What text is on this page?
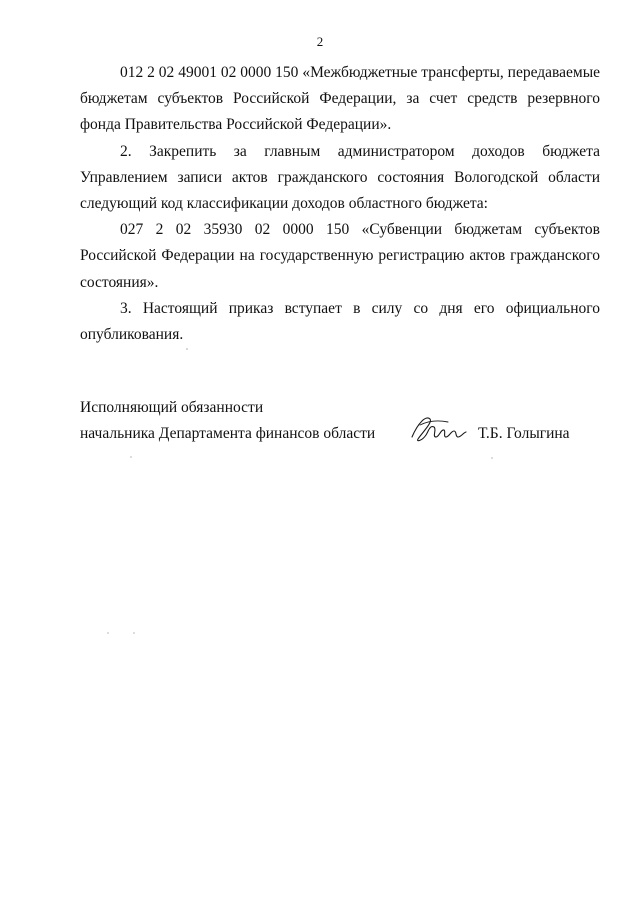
2

012 2 02 49001 02 0000 150 «Межбюджетные трансферты, передаваемые бюджетам субъектов Российской Федерации, за счет средств резервного фонда Правительства Российской Федерации».

2. Закрепить за главным администратором доходов бюджета Управлением записи актов гражданского состояния Вологодской области следующий код классификации доходов областного бюджета:

027 2 02 35930 02 0000 150 «Субвенции бюджетам субъектов Российской Федерации на государственную регистрацию актов гражданского состояния».

3. Настоящий приказ вступает в силу со дня его официального опубликования.

Исполняющий обязанности
начальника Департамента финансов области	Т.Б. Голыгина
